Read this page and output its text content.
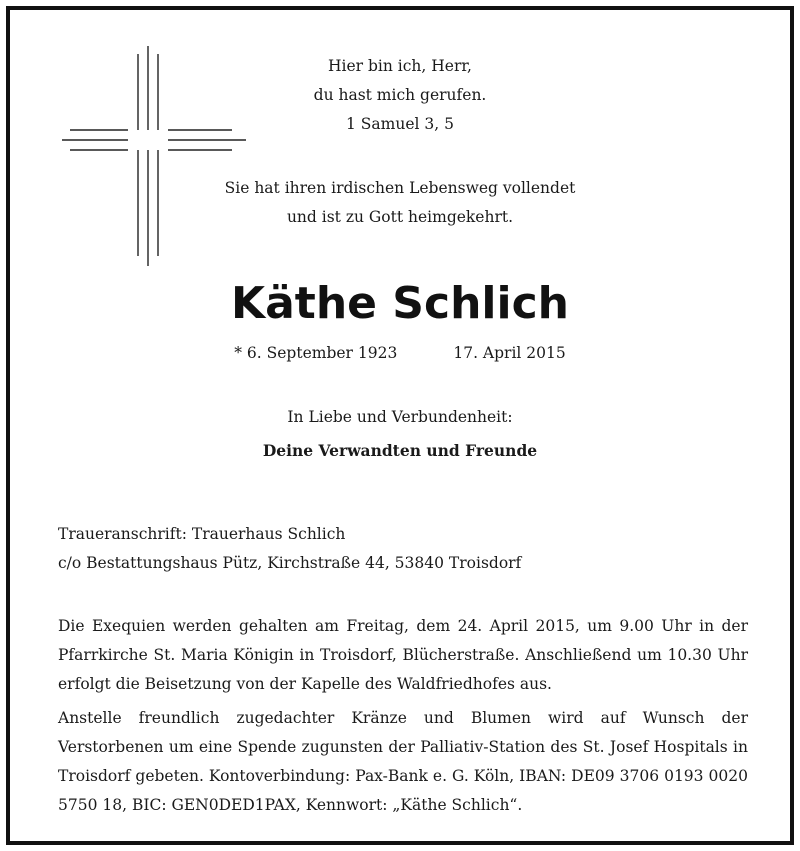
Hier bin ich, Herr,
du hast mich gerufen.
1 Samuel 3, 5
Sie hat ihren irdischen Lebensweg vollendet
und ist zu Gott heimgekehrt.
Käthe Schlich
* 6. September 1923	17. April 2015
In Liebe und Verbundenheit:
Deine Verwandten und Freunde
Traueranschrift: Trauerhaus Schlich
c/o Bestattungshaus Pütz, Kirchstraße 44, 53840 Troisdorf
Die Exequien werden gehalten am Freitag, dem 24. April 2015, um 9.00 Uhr in der Pfarrkirche St. Maria Königin in Troisdorf, Blücherstraße. Anschließend um 10.30 Uhr erfolgt die Beisetzung von der Kapelle des Waldfriedhofes aus.
Anstelle freundlich zugedachter Kränze und Blumen wird auf Wunsch der Verstorbenen um eine Spende zugunsten der Palliativ-Station des St. Josef Hospitals in Troisdorf gebeten. Kontoverbindung: Pax-Bank e. G. Köln, IBAN: DE09 3706 0193 0020 5750 18, BIC: GEN0DED1PAX, Kennwort: „Käthe Schlich“.
